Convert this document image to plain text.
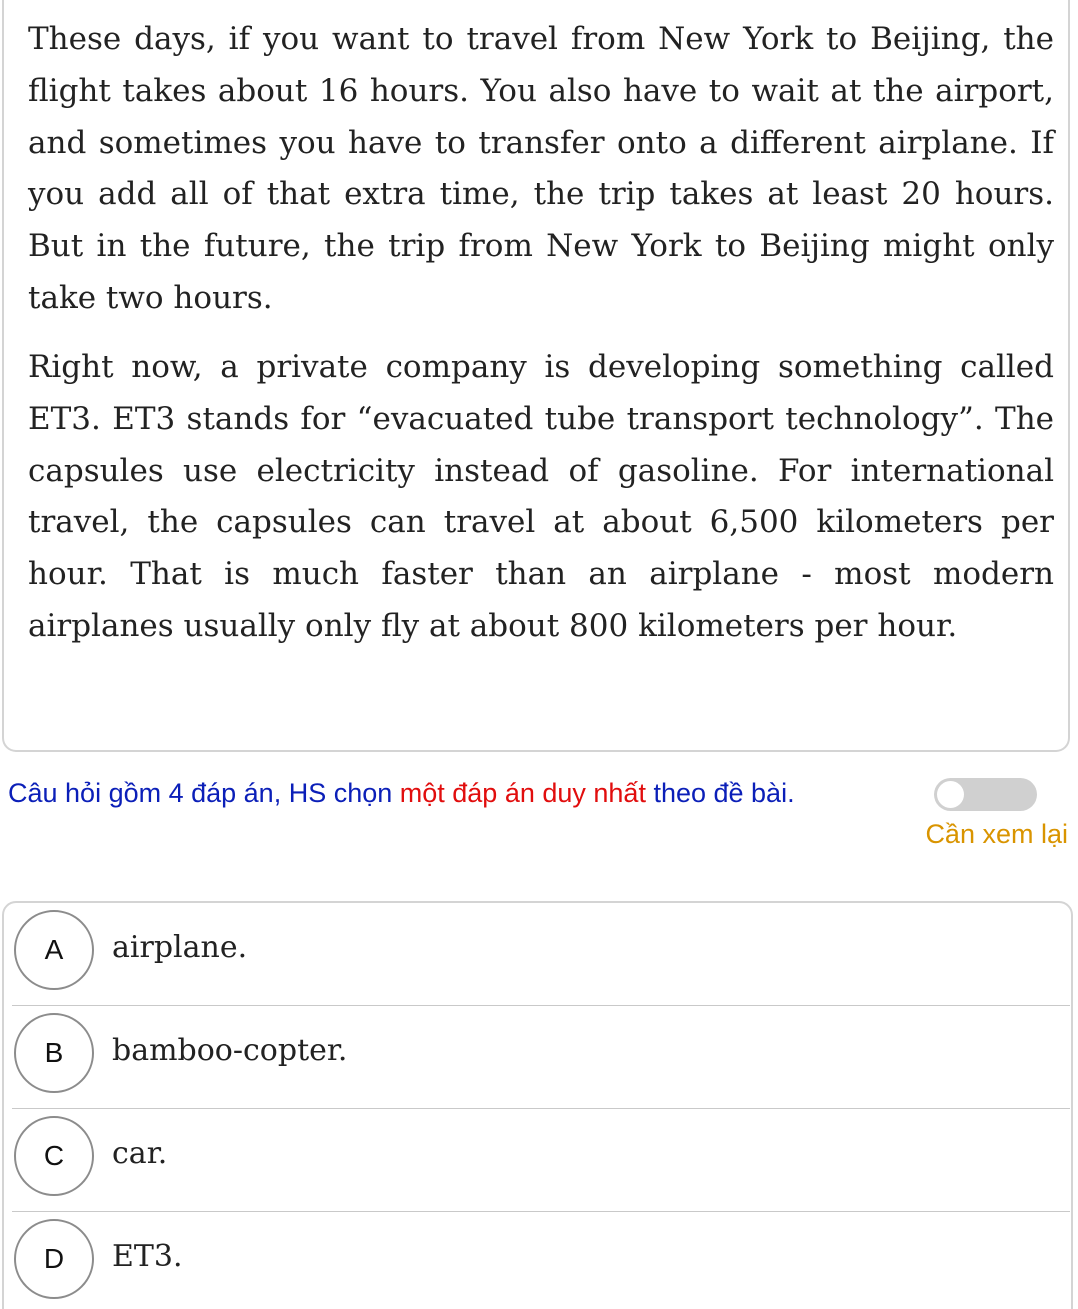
These days, if you want to travel from New York to Beijing, the flight takes about 16 hours. You also have to wait at the airport, and sometimes you have to transfer onto a different airplane. If you add all of that extra time, the trip takes at least 20 hours. But in the future, the trip from New York to Beijing might only take two hours.

Right now, a private company is developing something called ET3. ET3 stands for “evacuated tube transport technology”. The capsules use electricity instead of gasoline. For international travel, the capsules can travel at about 6,500 kilometers per hour. That is much faster than an airplane - most modern airplanes usually only fly at about 800 kilometers per hour.

Câu hỏi gồm 4 đáp án, HS chọn một đáp án duy nhất theo đề bài.

Cần xem lại
A	airplane.
B	bamboo-copter.
C	car.
D	ET3.
